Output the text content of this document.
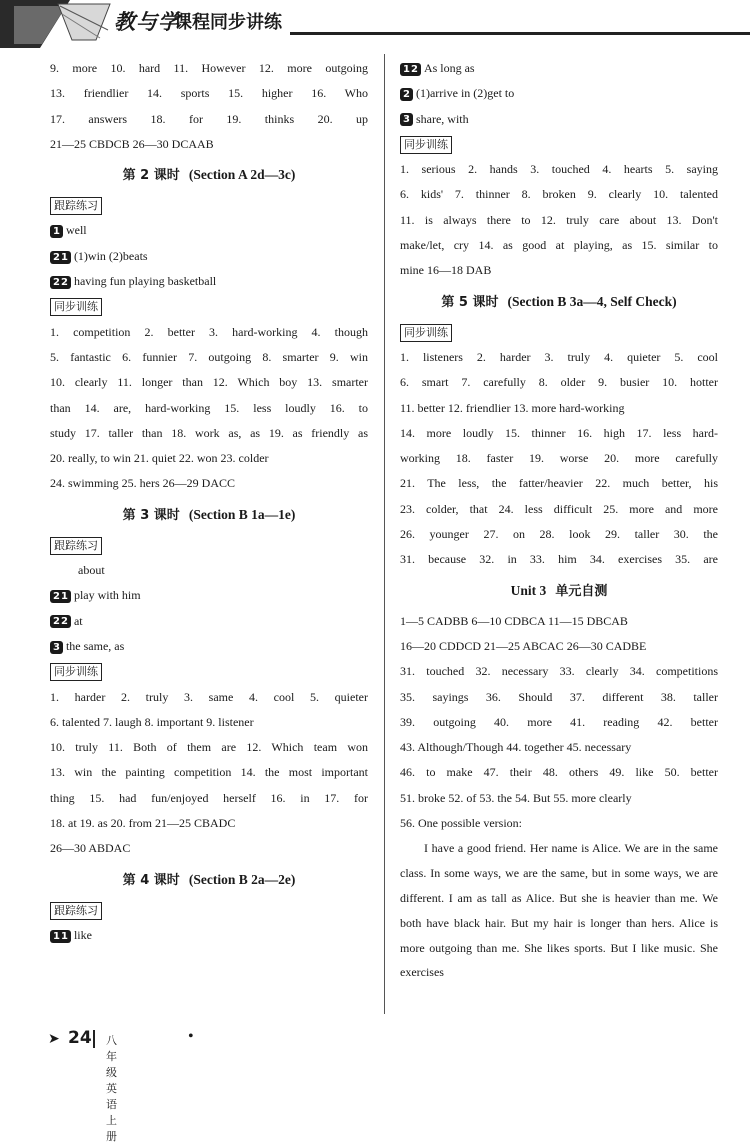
教与学
课程同步讲练
9. more 10. hard 11. However 12. more outgoing
13. friendlier 14. sports 15. higher 16. Who
17. answers 18. for 19. thinks 20. up
21—25 CBDCB 26—30 DCAAB
第 2 课时 (Section A 2d—3c)
跟踪练习
1 well
21 (1)win (2)beats
22 having fun playing basketball
同步训练
1. competition 2. better 3. hard-working 4. though
5. fantastic 6. funnier 7. outgoing 8. smarter 9. win
10. clearly 11. longer than 12. Which boy 13. smarter
than 14. are, hard-working 15. less loudly 16. to
study 17. taller than 18. work as, as 19. as friendly as
20. really, to win 21. quiet 22. won 23. colder
24. swimming 25. hers 26—29 DACC
第 3 课时 (Section B 1a—1e)
跟踪练习
about
21 play with him
22 at
3 the same, as
同步训练
1. harder 2. truly 3. same 4. cool 5. quieter
6. talented 7. laugh 8. important 9. listener
10. truly 11. Both of them are 12. Which team won
13. win the painting competition 14. the most important
thing 15. had fun/enjoyed herself 16. in 17. for
18. at 19. as 20. from 21—25 CBADC
26—30 ABDAC
第 4 课时 (Section B 2a—2e)
跟踪练习
11 like
12 As long as
2 (1)arrive in (2)get to
3 share, with
同步训练
1. serious 2. hands 3. touched 4. hearts 5. saying
6. kids' 7. thinner 8. broken 9. clearly 10. talented
11. is always there to 12. truly care about 13. Don't
make/let, cry 14. as good at playing, as 15. similar to
mine 16—18 DAB
第 5 课时 (Section B 3a—4, Self Check)
同步训练
1. listeners 2. harder 3. truly 4. quieter 5. cool
6. smart 7. carefully 8. older 9. busier 10. hotter
11. better 12. friendlier 13. more hard-working
14. more loudly 15. thinner 16. high 17. less hard-
working 18. faster 19. worse 20. more carefully
21. The less, the fatter/heavier 22. much better, his
23. colder, that 24. less difficult 25. more and more
26. younger 27. on 28. look 29. taller 30. the
31. because 32. in 33. him 34. exercises 35. are
Unit 3 单元自测
1—5 CADBB 6—10 CDBCA 11—15 DBCAB
16—20 CDDCD 21—25 ABCAC 26—30 CADBE
31. touched 32. necessary 33. clearly 34. competitions
35. sayings 36. Should 37. different 38. taller
39. outgoing 40. more 41. reading 42. better
43. Although/Though 44. together 45. necessary
46. to make 47. their 48. others 49. like 50. better
51. broke 52. of 53. the 54. But 55. more clearly
56. One possible version:
I have a good friend. Her name is Alice. We are in the same class. In some ways, we are the same, but in some ways, we are different. I am as tall as Alice. But she is heavier than me. We both have black hair. But my hair is longer than hers. Alice is more outgoing than me. She likes sports. But I like music. She exercises
➤ 24 八年级英语 上册
•
